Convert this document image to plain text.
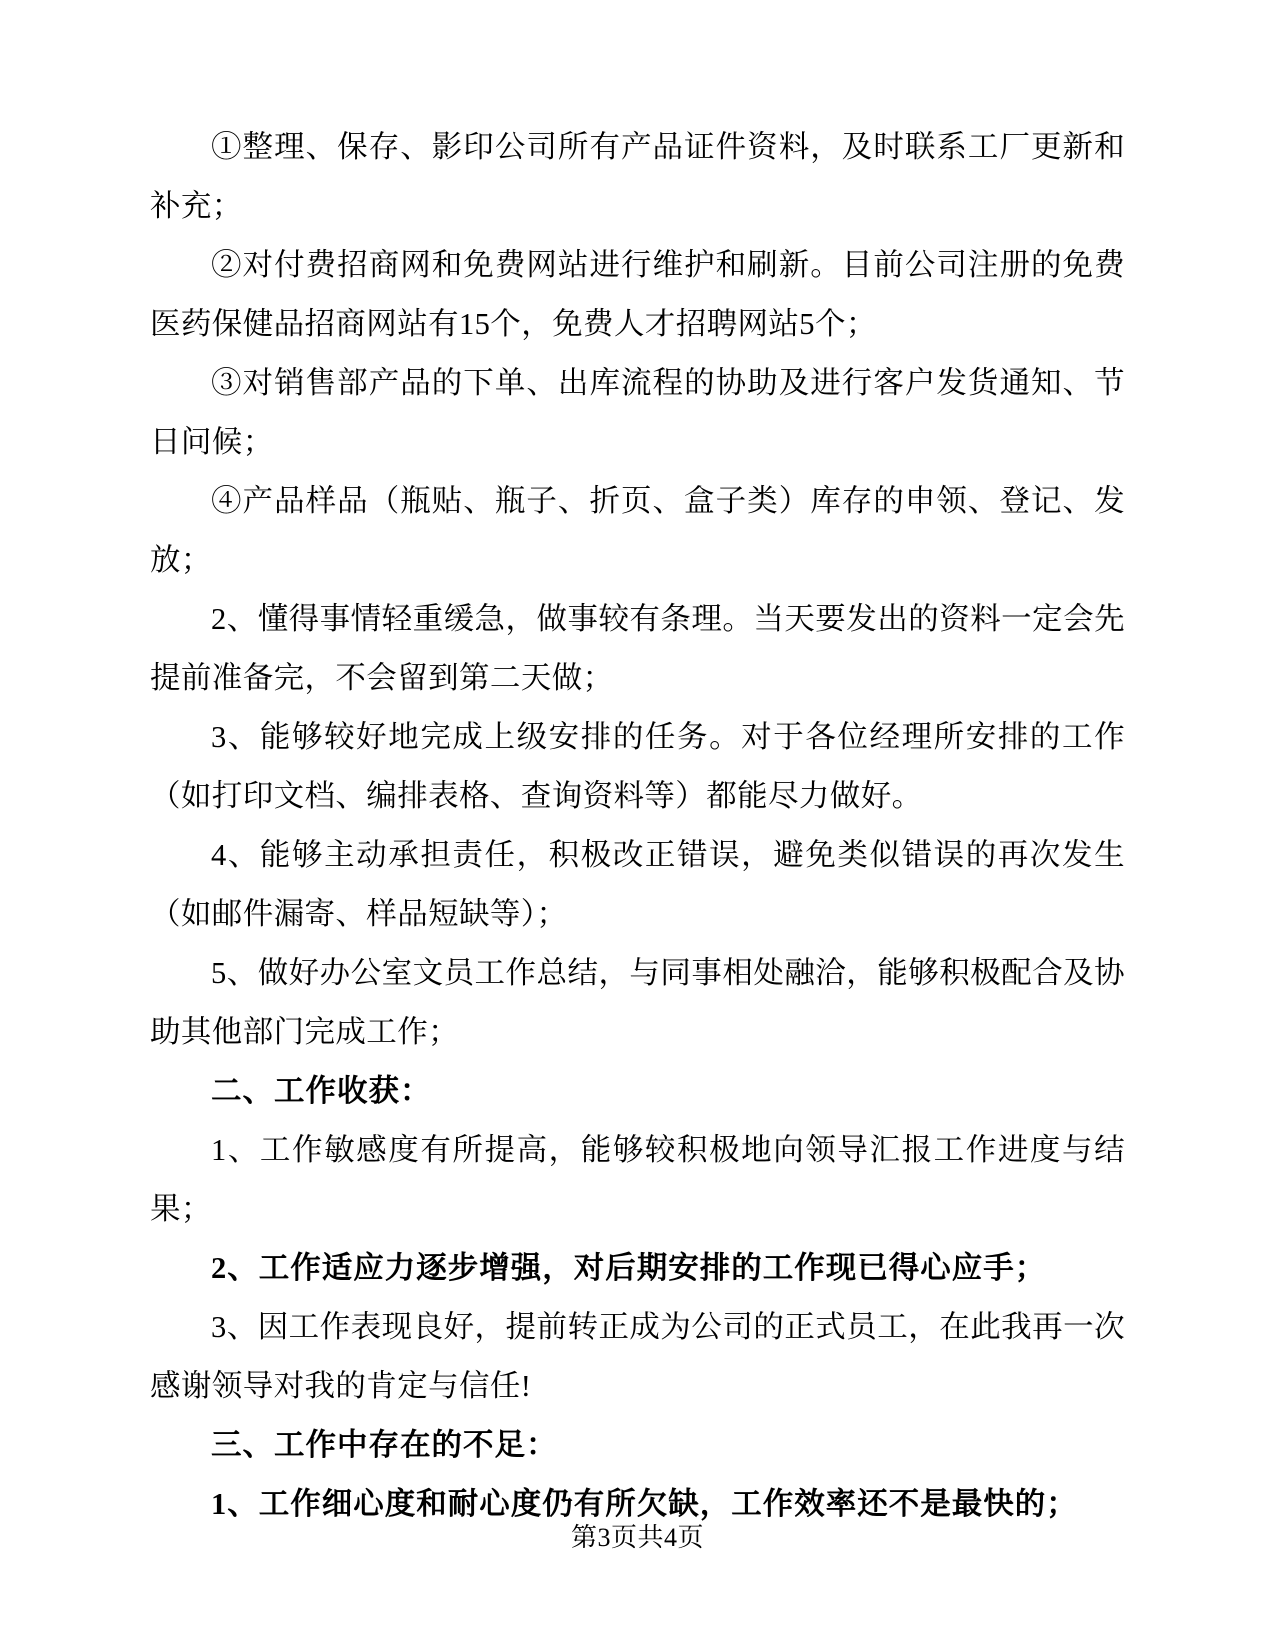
①整理、保存、影印公司所有产品证件资料，及时联系工厂更新和补充；

②对付费招商网和免费网站进行维护和刷新。目前公司注册的免费医药保健品招商网站有15个，免费人才招聘网站5个；

③对销售部产品的下单、出库流程的协助及进行客户发货通知、节日问候；

④产品样品（瓶贴、瓶子、折页、盒子类）库存的申领、登记、发放；

2、懂得事情轻重缓急，做事较有条理。当天要发出的资料一定会先提前准备完，不会留到第二天做；

3、能够较好地完成上级安排的任务。对于各位经理所安排的工作（如打印文档、编排表格、查询资料等）都能尽力做好。

4、能够主动承担责任，积极改正错误，避免类似错误的再次发生（如邮件漏寄、样品短缺等）；

5、做好办公室文员工作总结，与同事相处融洽，能够积极配合及协助其他部门完成工作；

二、工作收获：

1、工作敏感度有所提高，能够较积极地向领导汇报工作进度与结果；

2、工作适应力逐步增强，对后期安排的工作现已得心应手；

3、因工作表现良好，提前转正成为公司的正式员工，在此我再一次感谢领导对我的肯定与信任!

三、工作中存在的不足：

1、工作细心度和耐心度仍有所欠缺，工作效率还不是最快的；

第3页共4页
